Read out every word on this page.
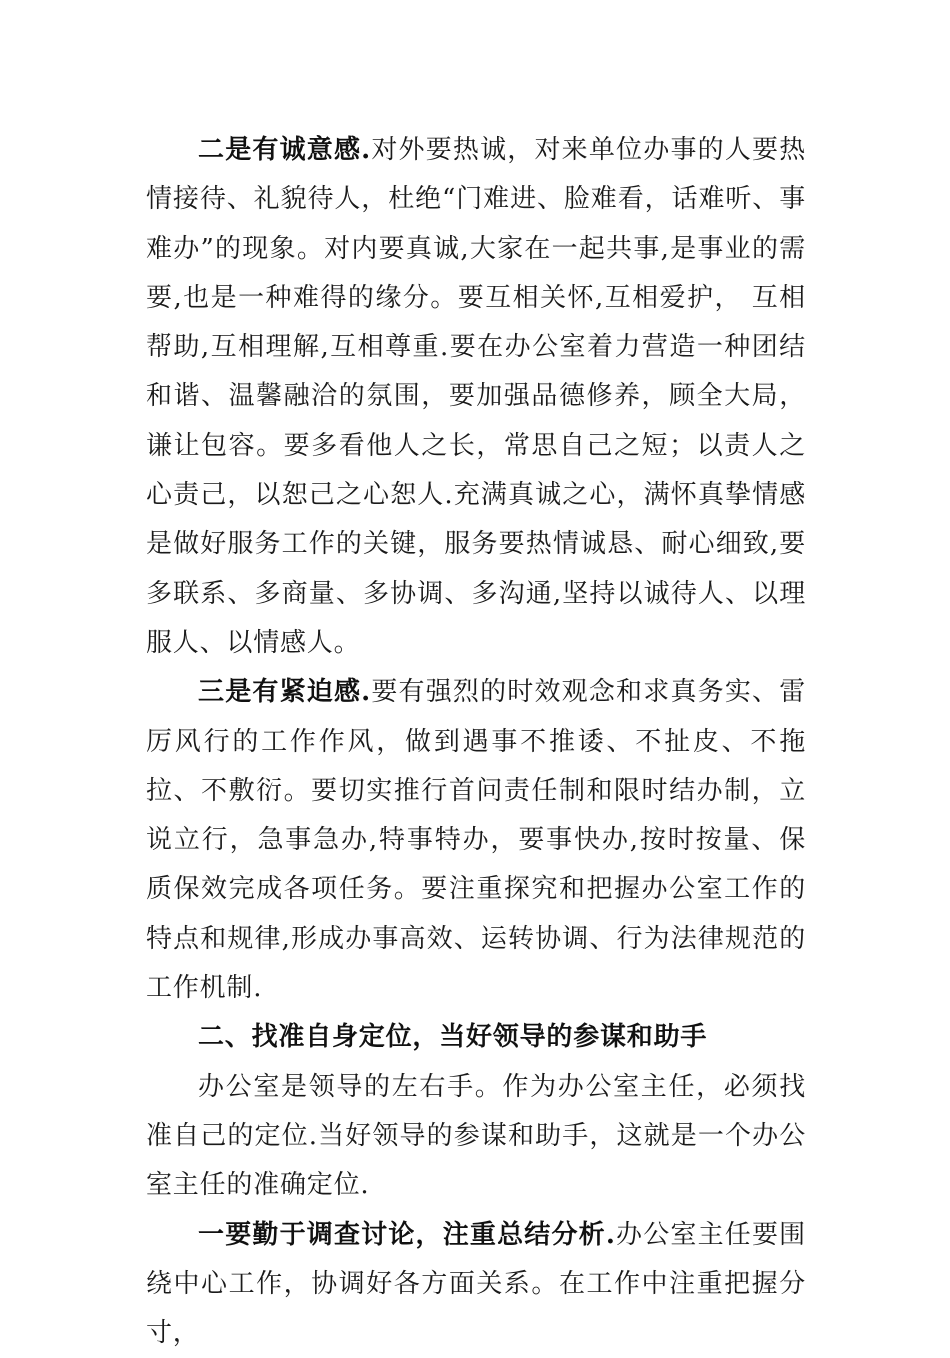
二是有诚意感.对外要热诚，对来单位办事的人要热情接待、礼貌待人，杜绝“门难进、脸难看，话难听、事难办”的现象。对内要真诚,大家在一起共事,是事业的需要,也是一种难得的缘分。要互相关怀,互相爱护， 互相帮助,互相理解,互相尊重.要在办公室着力营造一种团结和谐、温馨融洽的氛围，要加强品德修养，顾全大局，谦让包容。要多看他人之长，常思自己之短；以责人之心责己，以恕己之心恕人.充满真诚之心，满怀真挚情感是做好服务工作的关键，服务要热情诚恳、耐心细致,要多联系、多商量、多协调、多沟通,坚持以诚待人、以理服人、以情感人。

三是有紧迫感.要有强烈的时效观念和求真务实、雷厉风行的工作作风，做到遇事不推诿、不扯皮、不拖拉、不敷衍。要切实推行首问责任制和限时结办制，立说立行，急事急办,特事特办，要事快办,按时按量、保质保效完成各项任务。要注重探究和把握办公室工作的特点和规律,形成办事高效、运转协调、行为法律规范的工作机制.

二、找准自身定位，当好领导的参谋和助手

办公室是领导的左右手。作为办公室主任，必须找准自己的定位.当好领导的参谋和助手，这就是一个办公室主任的准确定位.

一要勤于调查讨论，注重总结分析.办公室主任要围绕中心工作，协调好各方面关系。在工作中注重把握分寸，
